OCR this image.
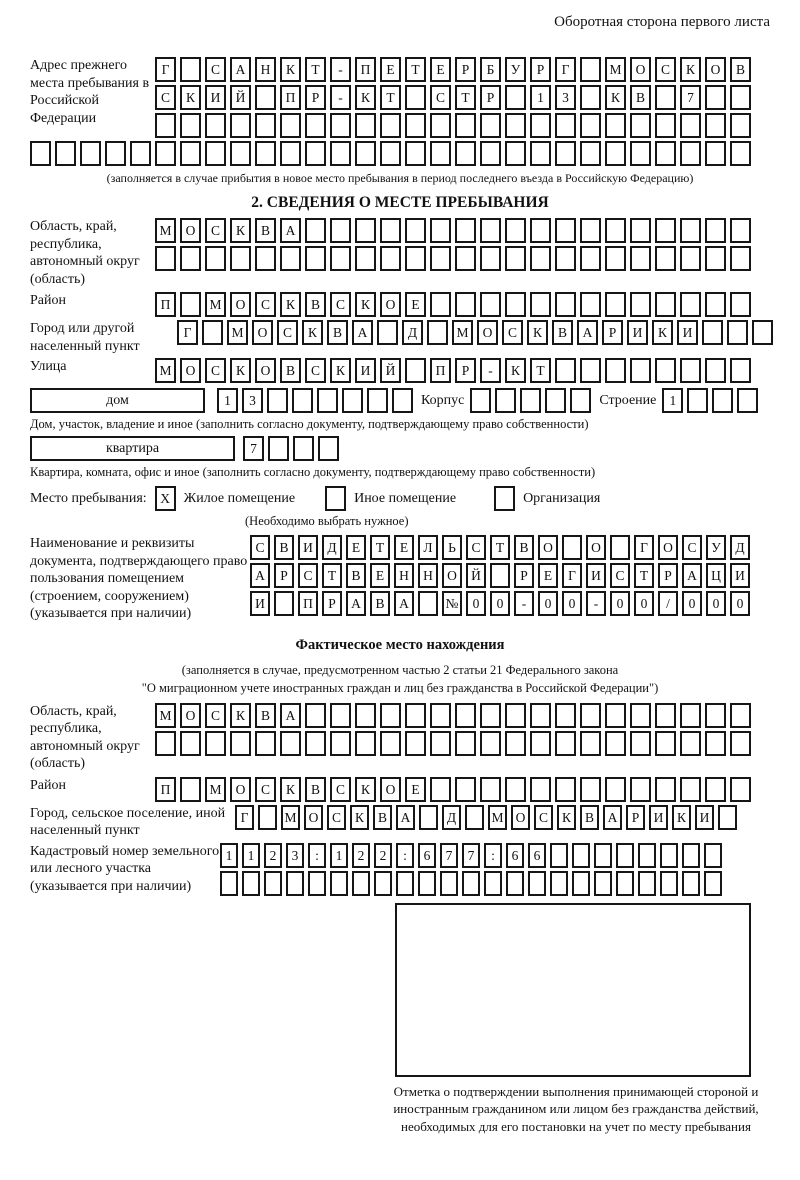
Оборотная сторона первого листа
Адрес прежнего места пребывания в Российской Федерации
Г	С	А	Н	К	Т	-	П	Е	Т	Е	Р	Б	У	Р	Г	М	О	С	К	О	В
С	К	И	Й	П	Р	-	К	Т	С	Т	Р	1	3	К	В	7
(заполняется в случае прибытия в новое место пребывания в период последнего въезда в Российскую Федерацию)
2. СВЕДЕНИЯ О МЕСТЕ ПРЕБЫВАНИЯ
Область, край, республика, автономный округ (область)
М	О	С	К	В	А
Район	П	М	О	С	К	В	С	К	О	Е
Город или другой населенный пункт
Г	М	О	С	К	В	А	Д	М	О	С	К	В	А	Р	И	К	И
Улица	М	О	С	К	О	В	С	К	И	Й	П	Р	-	К	Т
дом	1	3	Корпус	Строение 1
Дом, участок, владение и иное (заполнить согласно документу, подтверждающему право собственности)
квартира	7
Квартира, комната, офис и иное (заполнить согласно документу, подтверждающему право собственности)
Место пребывания:	X Жилое помещение	Иное помещение	Организация
(Необходимо выбрать нужное)
Наименование и реквизиты документа, подтверждающего право пользования помещением (строением, сооружением) (указывается при наличии)
С	В	И	Д	Е	Т	Е	Л	Ь	С	Т	В	О	О	Г	О	С	У	Д
А	Р	С	Т	В	Е	Н	Н	О	Й	Р	Е	Г	И	С	Т	Р	А	Ц	И
И	П	Р	А	В	А	№	0	0	-	0	0	-	0	0	/	0	0	0
Фактическое место нахождения
(заполняется в случае, предусмотренном частью 2 статьи 21 Федерального закона
"О миграционном учете иностранных граждан и лиц без гражданства в Российской Федерации")
Область, край, республика, автономный округ (область)
М	О	С	К	В	А
Район	П	М	О	С	К	В	С	К	О	Е
Город, сельское поселение, иной населенный пункт
Г	М О	С	К	В	А	Д	М О	С	К	В	А	Р	И	К	И
Кадастровый номер земельного или лесного участка (указывается при наличии)
1	1	2	3	:	1	2	2	:	6	7	7	:	6	6
Отметка о подтверждении выполнения принимающей стороной и иностранным гражданином или лицом без гражданства действий, необходимых для его постановки на учет по месту пребывания
